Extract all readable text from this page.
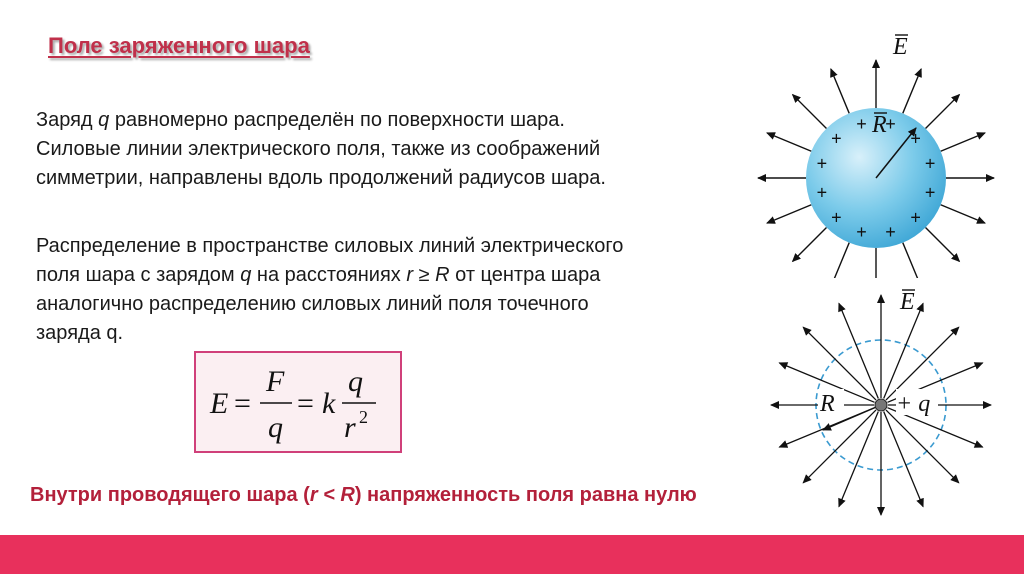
Поле заряженного шара

Заряд q равномерно распределён по поверхности шара.
Силовые линии электрического поля, также из соображений
симметрии, направлены вдоль продолжений радиусов шара.

Распределение в пространстве силовых линий электрического
поля шара с зарядом q на расстояниях r ≥ R от центра шара
аналогично распределению силовых линий поля точечного
заряда q.

E =
F
q
= k
q
r 2
Внутри проводящего шара (r < R) напряженность поля равна нулю
+
+
+
+
+
+
+
+
+
+
+
+ R
E
R	+ q
E
